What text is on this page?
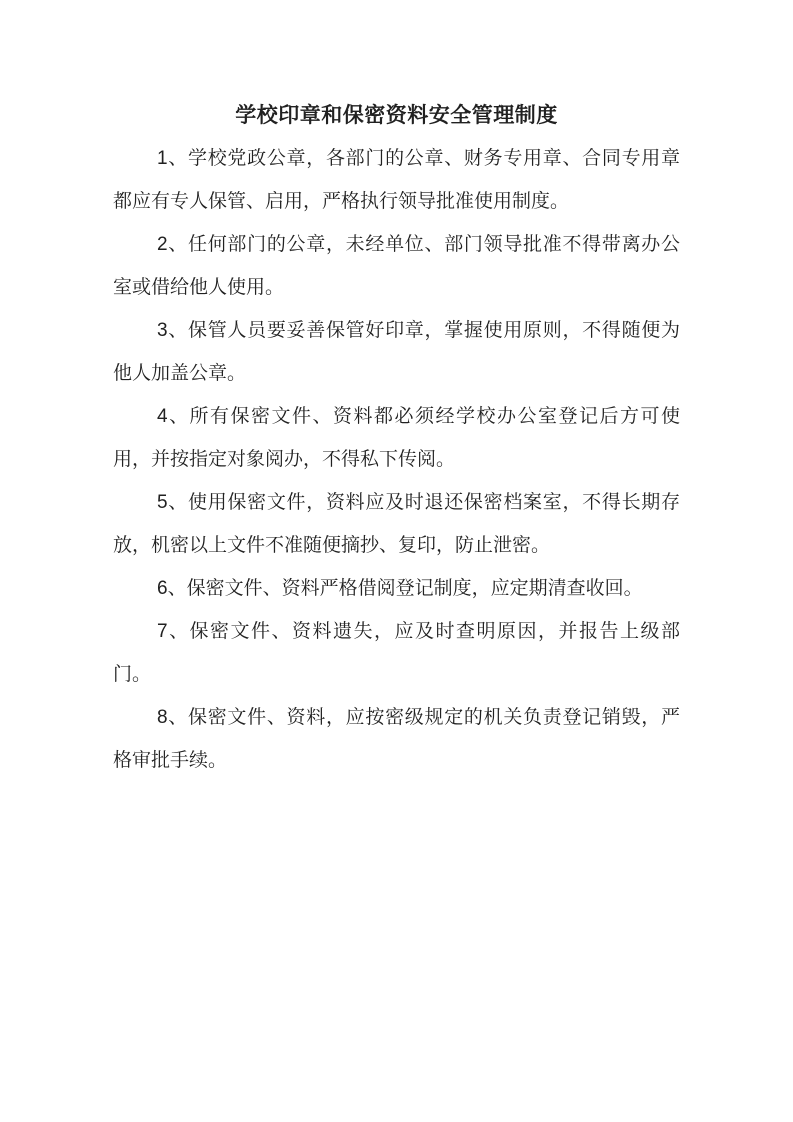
学校印章和保密资料安全管理制度

1、学校党政公章，各部门的公章、财务专用章、合同专用章都应有专人保管、启用，严格执行领导批准使用制度。

2、任何部门的公章，未经单位、部门领导批准不得带离办公室或借给他人使用。

3、保管人员要妥善保管好印章，掌握使用原则，不得随便为他人加盖公章。

4、所有保密文件、资料都必须经学校办公室登记后方可使用，并按指定对象阅办，不得私下传阅。

5、使用保密文件，资料应及时退还保密档案室，不得长期存放，机密以上文件不准随便摘抄、复印，防止泄密。

6、保密文件、资料严格借阅登记制度，应定期清查收回。

7、保密文件、资料遗失，应及时查明原因，并报告上级部门。

8、保密文件、资料，应按密级规定的机关负责登记销毁，严格审批手续。
